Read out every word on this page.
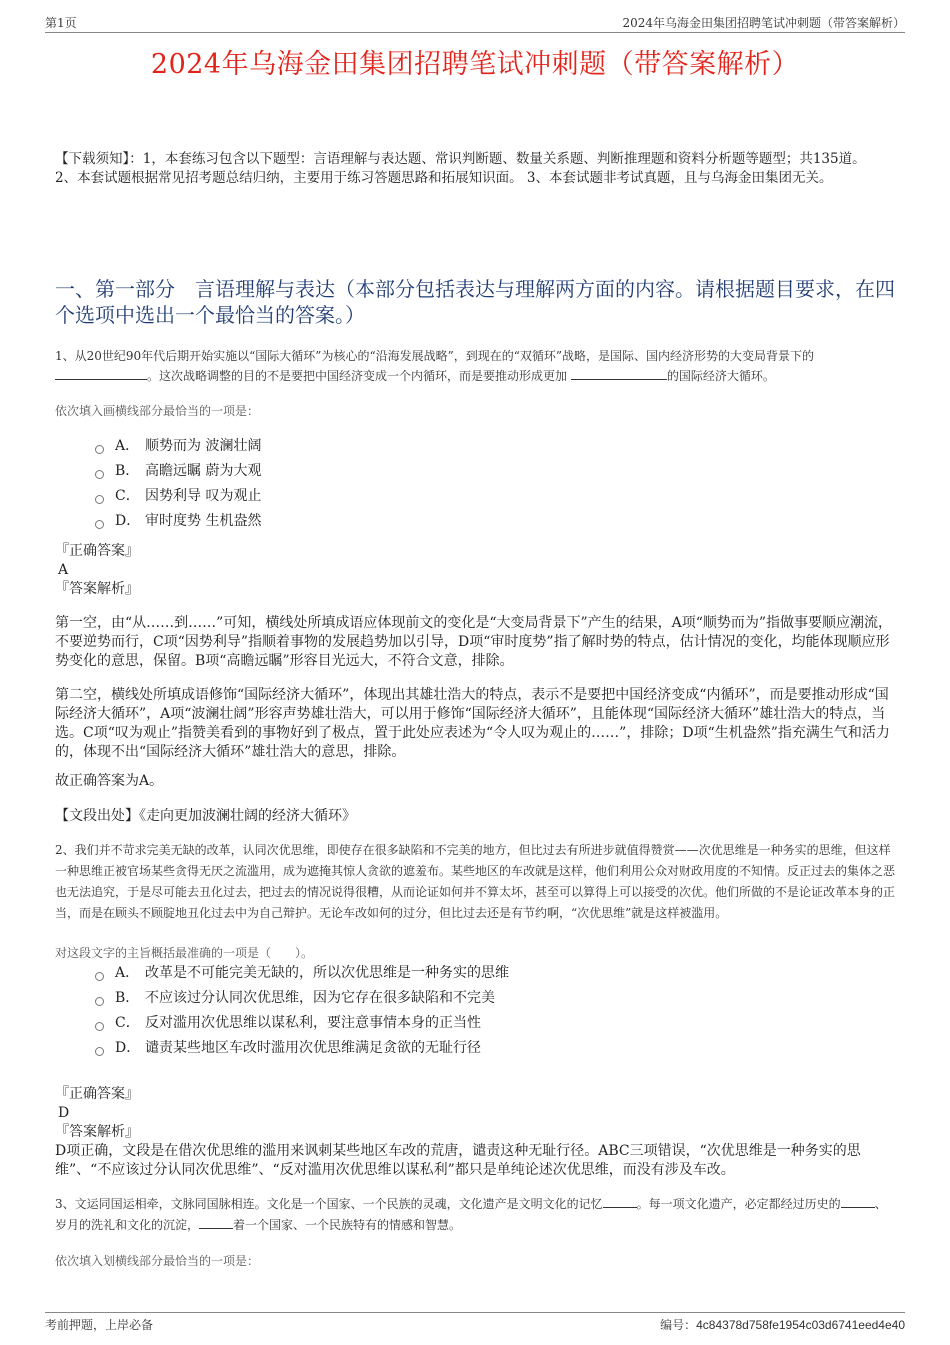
第1页	2024年乌海金田集团招聘笔试冲刺题（带答案解析）
2024年乌海金田集团招聘笔试冲刺题（带答案解析）
【下载须知】：1，本套练习包含以下题型：言语理解与表达题、常识判断题、数量关系题、判断推理题和资料分析题等题型；共135道。 2、本套试题根据常见招考题总结归纳，主要用于练习答题思路和拓展知识面。 3、本套试题非考试真题，且与乌海金田集团无关。
一、第一部分　言语理解与表达（本部分包括表达与理解两方面的内容。请根据题目要求，在四个选项中选出一个最恰当的答案。）
1、从20世纪90年代后期开始实施以“国际大循环”为核心的“沿海发展战略”，到现在的“双循环”战略，是国际、国内经济形势的大变局背景下的
。这次战略调整的目的不是要把中国经济变成一个内循环，而是要推动形成更加	的国际经济大循环。
依次填入画横线部分最恰当的一项是：
A． 顺势而为 波澜壮阔
B． 高瞻远瞩 蔚为大观
C． 因势利导 叹为观止
D． 审时度势 生机盎然
『正确答案』
A
『答案解析』

第一空，由“从……到……”可知，横线处所填成语应体现前文的变化是“大变局背景下”产生的结果，A项“顺势而为”指做事要顺应潮流，不要逆势而行，C项“因势利导”指顺着事物的发展趋势加以引导，D项“审时度势”指了解时势的特点，估计情况的变化，均能体现顺应形势变化的意思，保留。B项“高瞻远瞩”形容目光远大，不符合文意，排除。

第二空，横线处所填成语修饰“国际经济大循环”，体现出其雄壮浩大的特点，表示不是要把中国经济变成“内循环”，而是要推动形成“国际经济大循环”，A项“波澜壮阔”形容声势雄壮浩大，可以用于修饰“国际经济大循环”，且能体现“国际经济大循环”雄壮浩大的特点，当选。C项“叹为观止”指赞美看到的事物好到了极点，置于此处应表述为“令人叹为观止的……”，排除；D项“生机盎然”指充满生气和活力的，体现不出“国际经济大循环”雄壮浩大的意思，排除。

故正确答案为A。
【文段出处】《走向更加波澜壮阔的经济大循环》
2、我们并不苛求完美无缺的改革，认同次优思维，即使存在很多缺陷和不完美的地方，但比过去有所进步就值得赞赏——次优思维是一种务实的思维，但这样一种思维正被官场某些贪得无厌之流滥用，成为遮掩其惊人贪欲的遮羞布。某些地区的车改就是这样，他们利用公众对财政用度的不知情。反正过去的集体之恶也无法追究，于是尽可能去丑化过去，把过去的情况说得很糟，从而论证如何并不算太坏，甚至可以算得上可以接受的次优。他们所做的不是论证改革本身的正当，而是在顾头不顾腚地丑化过去中为自己辩护。无论车改如何的过分，但比过去还是有节约啊，“次优思维”就是这样被滥用。
对这段文字的主旨概括最准确的一项是（　　）。
A． 改革是不可能完美无缺的，所以次优思维是一种务实的思维
B． 不应该过分认同次优思维，因为它存在很多缺陷和不完美
C． 反对滥用次优思维以谋私利，要注意事情本身的正当性
D． 谴责某些地区车改时滥用次优思维满足贪欲的无耻行径
『正确答案』
D
『答案解析』

D项正确，文段是在借次优思维的滥用来讽刺某些地区车改的荒唐，谴责这种无耻行径。ABC三项错误，“次优思维是一种务实的思维”、“不应该过分认同次优思维”、“反对滥用次优思维以谋私利”都只是单纯论述次优思维，而没有涉及车改。

3、文运同国运相牵，文脉同国脉相连。文化是一个国家、一个民族的灵魂，文化遗产是文明文化的记忆	。每一项文化遗产，必定都经过历史的	、岁月的洗礼和文化的沉淀，	着一个国家、一个民族特有的情感和智慧。
依次填入划横线部分最恰当的一项是：
考前押题，上岸必备	编号：4c84378d758fe1954c03d6741eed4e40
